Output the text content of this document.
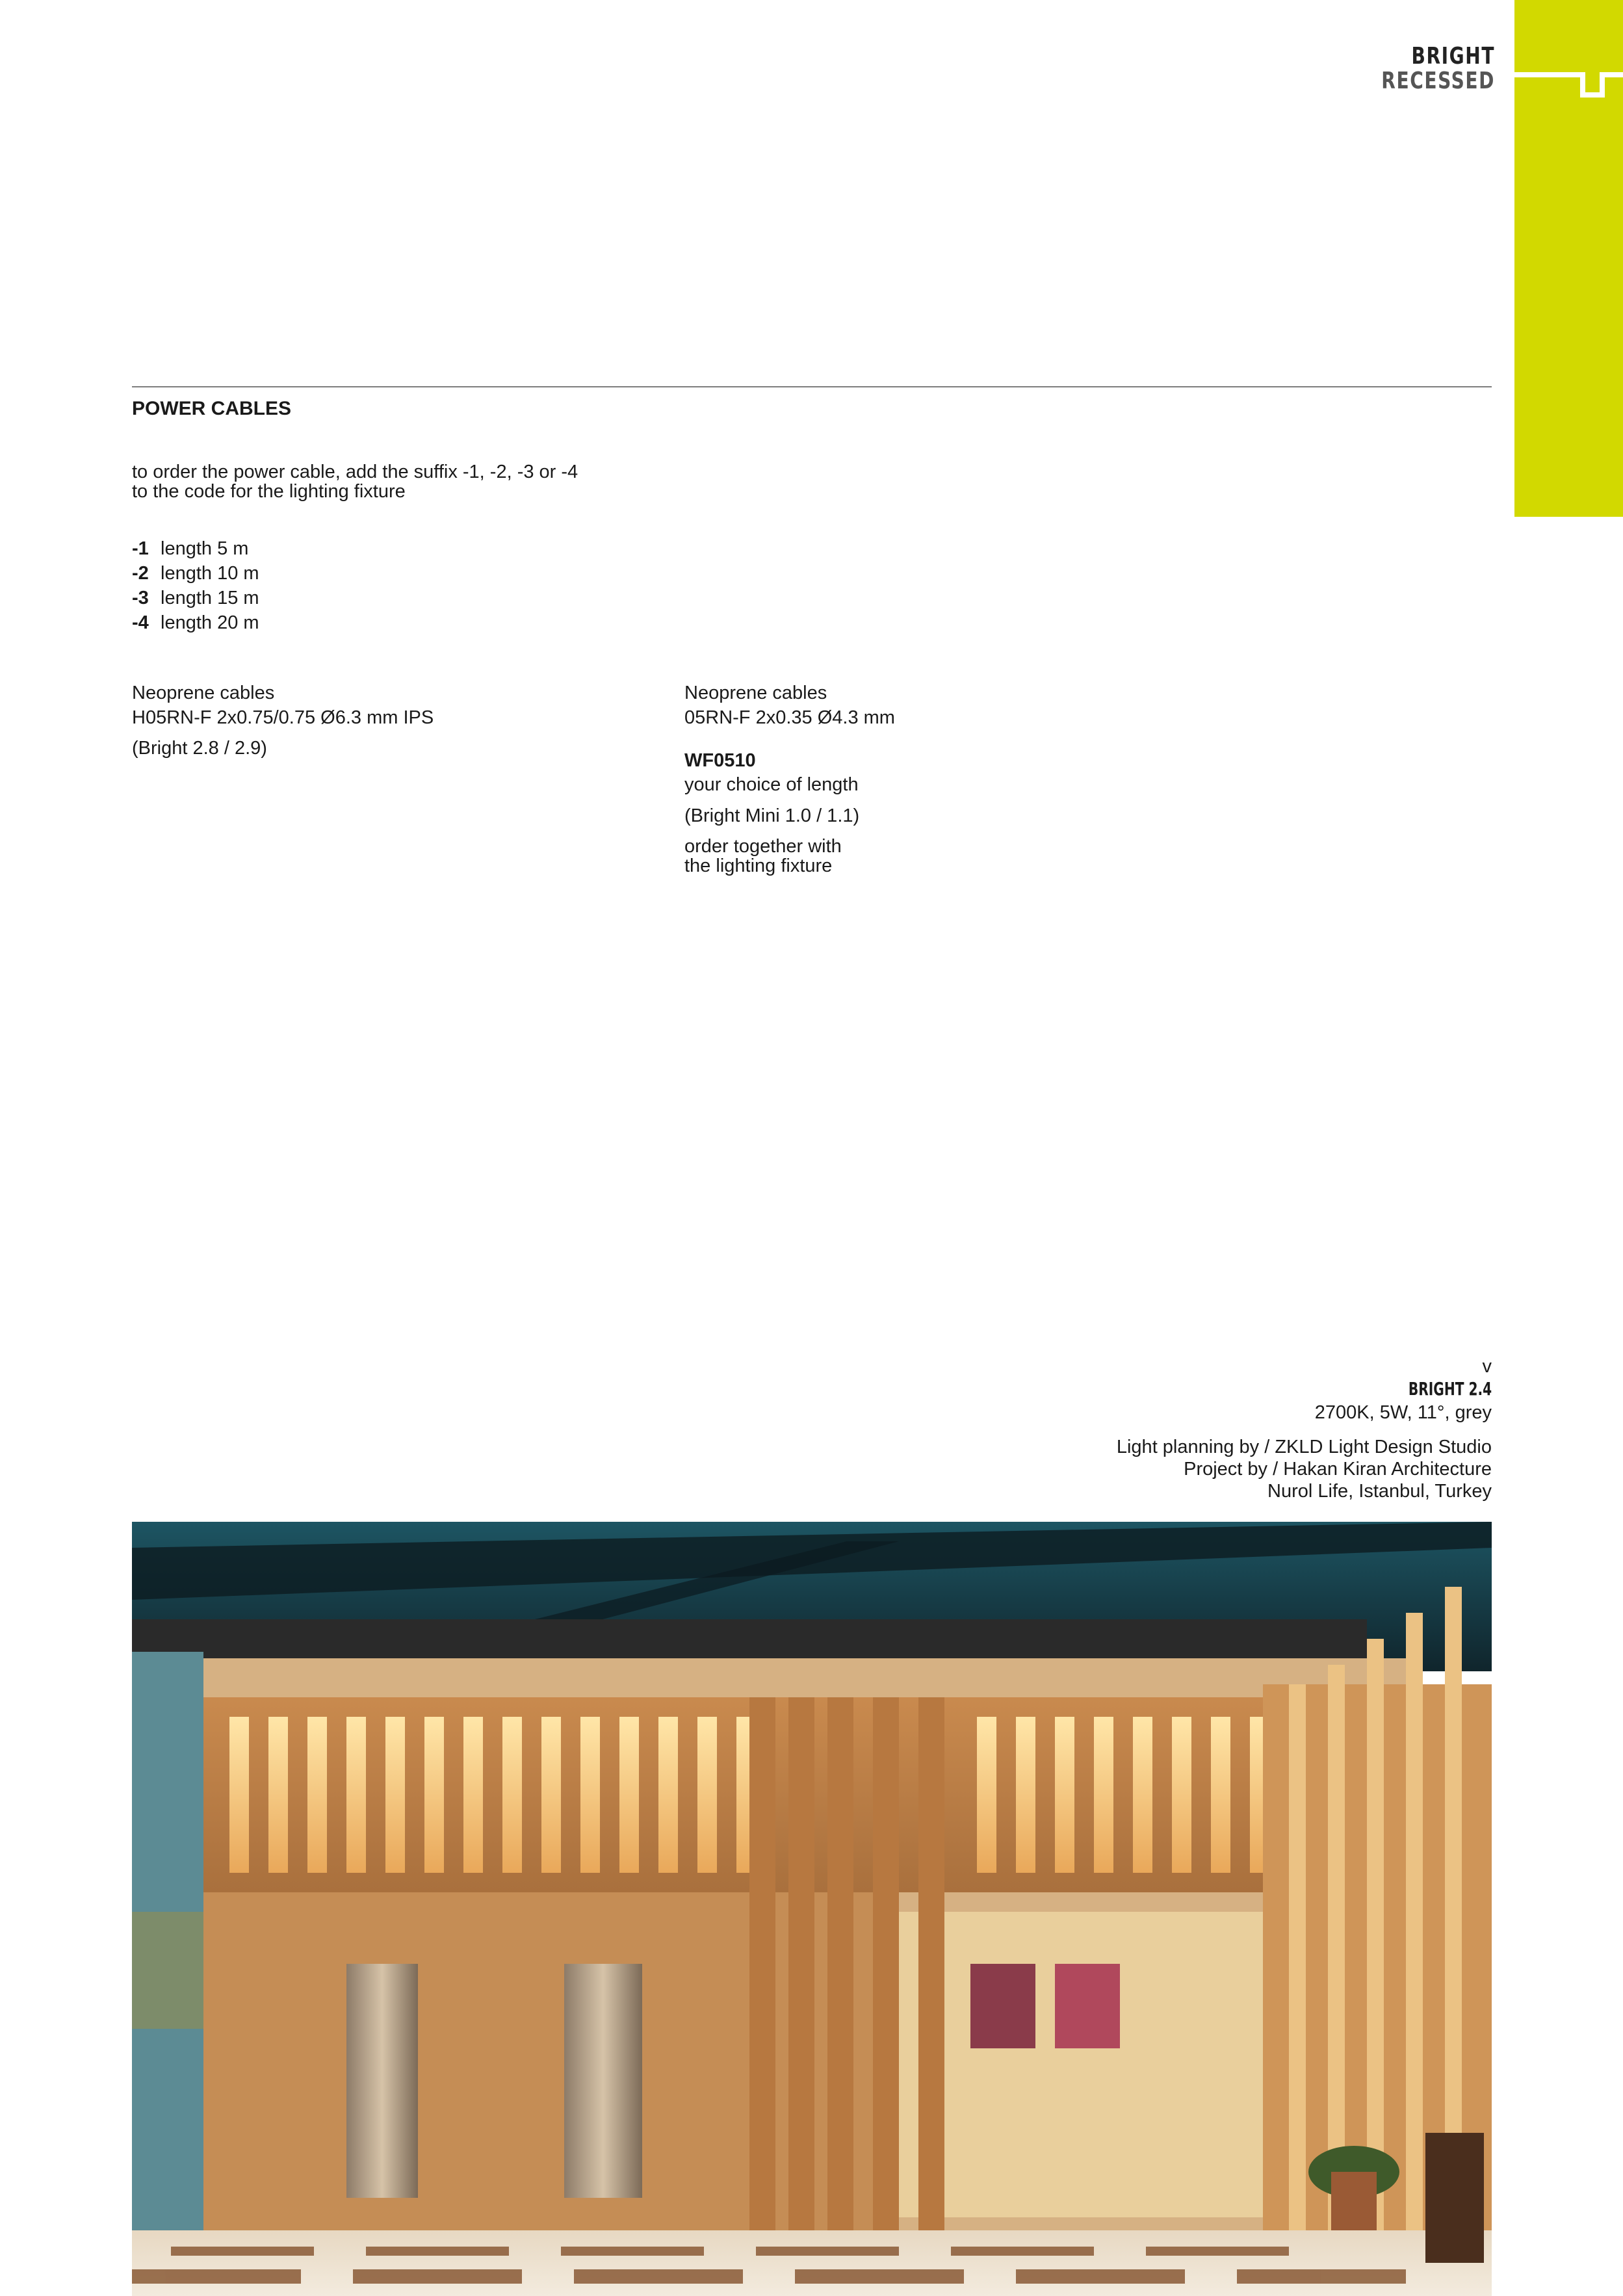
BRIGHT
RECESSED
POWER CABLES
to order the power cable, add the suffix -1, -2, -3 or -4
to the code for the lighting fixture
-1 length 5 m
-2 length 10 m
-3 length 15 m
-4 length 20 m
Neoprene cables
H05RN-F 2x0.75/0.75 Ø6.3 mm IPS
(Bright 2.8 / 2.9)
Neoprene cables
05RN-F 2x0.35 Ø4.3 mm
WF0510
your choice of length
(Bright Mini 1.0 / 1.1)
order together with
the lighting fixture
v
BRIGHT 2.4
2700K, 5W, 11°, grey
Light planning by / ZKLD Light Design Studio
Project by / Hakan Kiran Architecture
Nurol Life, Istanbul, Turkey
